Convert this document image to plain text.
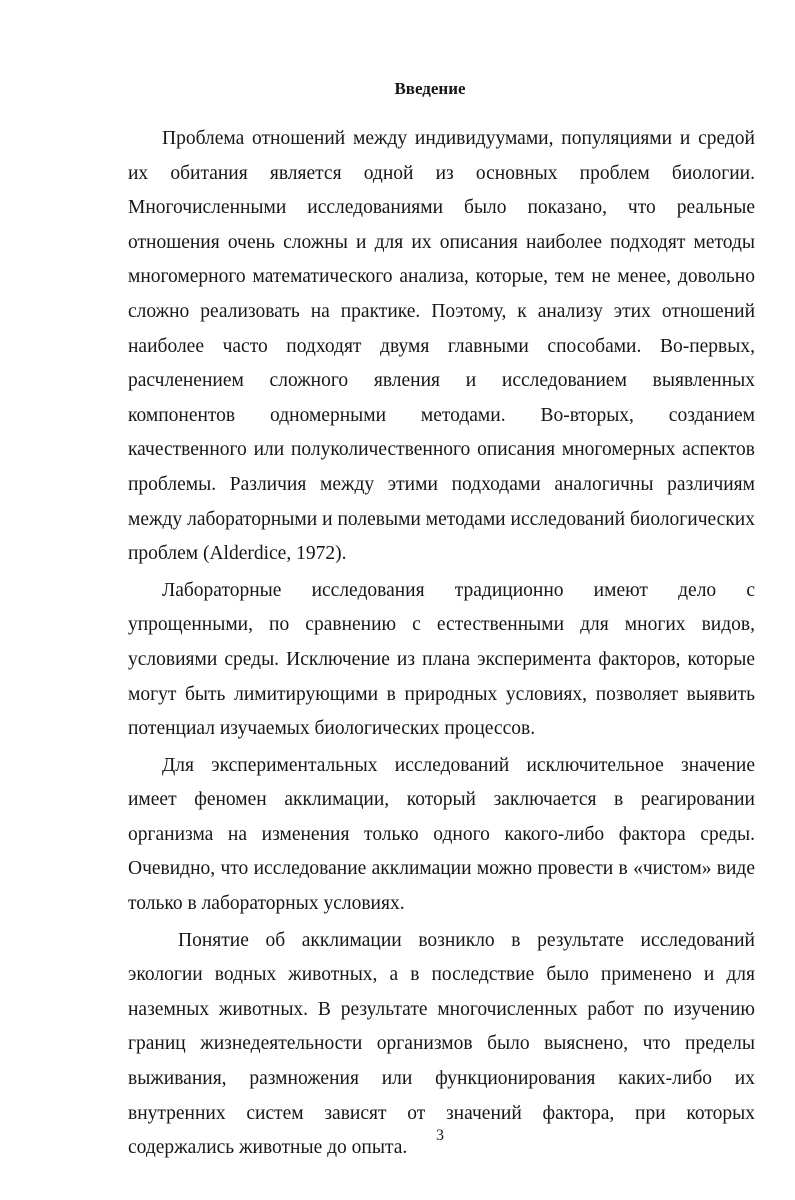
Введение

Проблема отношений между индивидуумами, популяциями и средой их обитания является одной из основных проблем биологии. Многочисленными исследованиями было показано, что реальные отношения очень сложны и для их описания наиболее подходят методы многомерного математического анализа, которые, тем не менее, довольно сложно реализовать на практике. Поэтому, к анализу этих отношений наиболее часто подходят двумя главными способами. Во-первых, расчленением сложного явления и исследованием выявленных компонентов одномерными методами. Во-вторых, созданием качественного или полуколичественного описания многомерных аспектов проблемы. Различия между этими подходами аналогичны различиям между лабораторными и полевыми методами исследований биологических проблем (Alderdice, 1972).

Лабораторные исследования традиционно имеют дело с упрощенными, по сравнению с естественными для многих видов, условиями среды. Исключение из плана эксперимента факторов, которые могут быть лимитирующими в природных условиях, позволяет выявить потенциал изучаемых биологических процессов.

Для экспериментальных исследований исключительное значение имеет феномен акклимации, который заключается в реагировании организма на изменения только одного какого-либо фактора среды. Очевидно, что исследование акклимации можно провести в «чистом» виде только в лабораторных условиях.

Понятие об акклимации возникло в результате исследований экологии водных животных, а в последствие было применено и для наземных животных. В результате многочисленных работ по изучению границ жизнедеятельности организмов было выяснено, что пределы выживания, размножения или функционирования каких-либо их внутренних систем зависят от значений фактора, при которых содержались животные до опыта.

3
